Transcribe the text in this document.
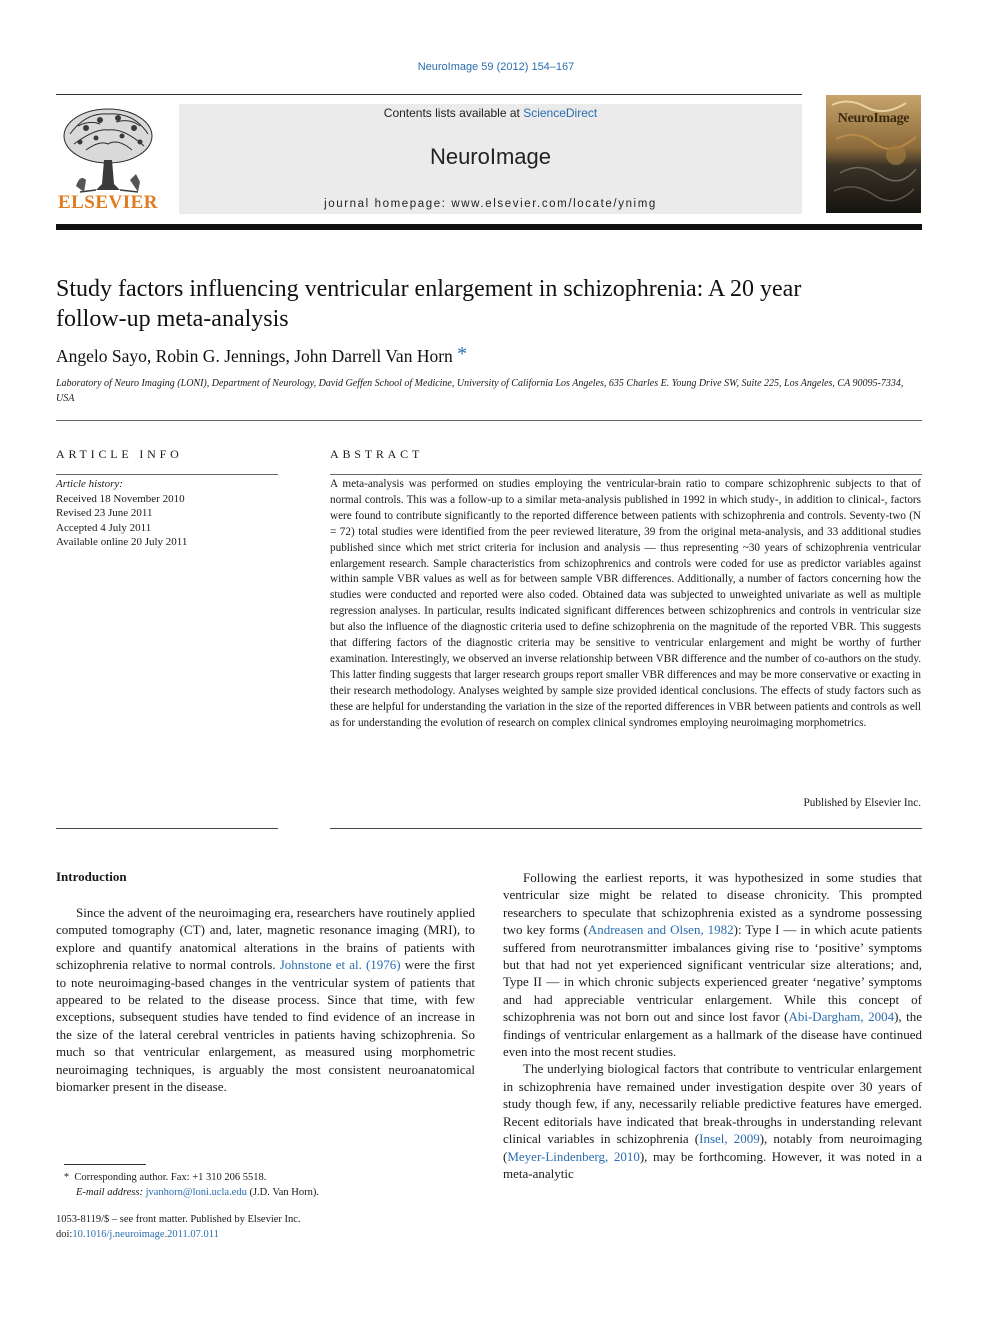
NeuroImage 59 (2012) 154–167
ELSEVIER
Contents lists available at ScienceDirect
NeuroImage
journal homepage: www.elsevier.com/locate/ynimg
NeuroImage
Study factors influencing ventricular enlargement in schizophrenia: A 20 year
follow-up meta-analysis
Angelo Sayo, Robin G. Jennings, John Darrell Van Horn *
Laboratory of Neuro Imaging (LONI), Department of Neurology, David Geffen School of Medicine, University of California Los Angeles, 635 Charles E. Young Drive SW, Suite 225, Los Angeles, CA 90095-7334, USA
ARTICLE INFO	ABSTRACT
Article history:
Received 18 November 2010
Revised 23 June 2011
Accepted 4 July 2011
Available online 20 July 2011
A meta-analysis was performed on studies employing the ventricular-brain ratio to compare schizophrenic subjects to that of normal controls. This was a follow-up to a similar meta-analysis published in 1992 in which study-, in addition to clinical-, factors were found to contribute significantly to the reported difference between patients with schizophrenia and controls. Seventy-two (N = 72) total studies were identified from the peer reviewed literature, 39 from the original meta-analysis, and 33 additional studies published since which met strict criteria for inclusion and analysis — thus representing ~30 years of schizophrenia ventricular enlargement research. Sample characteristics from schizophrenics and controls were coded for use as predictor variables against within sample VBR values as well as for between sample VBR differences. Additionally, a number of factors concerning how the studies were conducted and reported were also coded. Obtained data was subjected to unweighted univariate as well as multiple regression analyses. In particular, results indicated significant differences between schizophrenics and controls in ventricular size but also the influence of the diagnostic criteria used to define schizophrenia on the magnitude of the reported VBR. This suggests that differing factors of the diagnostic criteria may be sensitive to ventricular enlargement and might be worthy of further examination. Interestingly, we observed an inverse relationship between VBR difference and the number of co-authors on the study. This latter finding suggests that larger research groups report smaller VBR differences and may be more conservative or exacting in their research methodology. Analyses weighted by sample size provided identical conclusions. The effects of study factors such as these are helpful for understanding the variation in the size of the reported differences in VBR between patients and controls as well as for understanding the evolution of research on complex clinical syndromes employing neuroimaging morphometrics.
Published by Elsevier Inc.
Introduction

Since the advent of the neuroimaging era, researchers have routinely applied computed tomography (CT) and, later, magnetic resonance imaging (MRI), to explore and quantify anatomical alterations in the brains of patients with schizophrenia relative to normal controls. Johnstone et al. (1976) were the first to note neuroimaging-based changes in the ventricular system of patients that appeared to be related to the disease process. Since that time, with few exceptions, subsequent studies have tended to find evidence of an increase in the size of the lateral cerebral ventricles in patients having schizophrenia. So much so that ventricular enlargement, as measured using morphometric neuroimaging techniques, is arguably the most consistent neuroanatomical biomarker present in the disease.

Following the earliest reports, it was hypothesized in some studies that ventricular size might be related to disease chronicity. This prompted researchers to speculate that schizophrenia existed as a syndrome possessing two key forms (Andreasen and Olsen, 1982): Type I — in which acute patients suffered from neurotransmitter imbalances giving rise to ‘positive’ symptoms but that had not yet experienced significant ventricular size alterations; and, Type II — in which chronic subjects experienced greater ‘negative’ symptoms and had appreciable ventricular enlargement. While this concept of schizophrenia was not born out and since lost favor (Abi-Dargham, 2004), the findings of ventricular enlargement as a hallmark of the disease have continued even into the most recent studies.

The underlying biological factors that contribute to ventricular enlargement in schizophrenia have remained under investigation despite over 30 years of study though few, if any, necessarily reliable predictive features have emerged. Recent editorials have indicated that break-throughs in understanding relevant clinical variables in schizophrenia (Insel, 2009), notably from neuroimaging (Meyer-Lindenberg, 2010), may be forthcoming. However, it was noted in a meta-analytic

* Corresponding author. Fax: +1 310 206 5518.
E-mail address: jvanhorn@loni.ucla.edu (J.D. Van Horn).
1053-8119/$ – see front matter. Published by Elsevier Inc.
doi:10.1016/j.neuroimage.2011.07.011
